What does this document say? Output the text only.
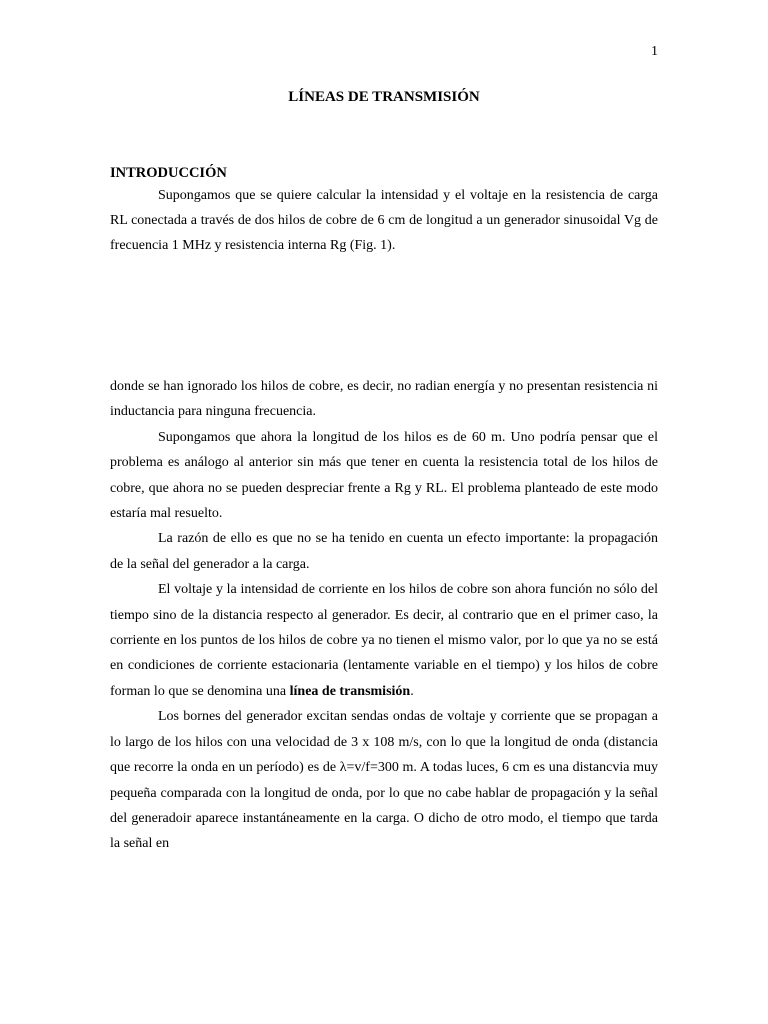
1
LÍNEAS DE TRANSMISIÓN
INTRODUCCIÓN

Supongamos que se quiere calcular la intensidad y el voltaje en la resistencia de carga RL conectada a través de dos hilos de cobre de 6 cm de longitud a un generador sinusoidal Vg de frecuencia 1 MHz y resistencia interna Rg (Fig. 1).

donde se han ignorado los hilos de cobre, es decir, no radian energía y no presentan resistencia ni inductancia para ninguna frecuencia.

Supongamos que ahora la longitud de los hilos es de 60 m. Uno podría pensar que el problema es análogo al anterior sin más que tener en cuenta la resistencia total de los hilos de cobre, que ahora no se pueden despreciar frente a Rg y RL. El problema planteado de este modo estaría mal resuelto.

La razón de ello es que no se ha tenido en cuenta un efecto importante: la propagación de la señal del generador a la carga.

El voltaje y la intensidad de corriente en los hilos de cobre son ahora función no sólo del tiempo sino de la distancia respecto al generador. Es decir, al contrario que en el primer caso, la corriente en los puntos de los hilos de cobre ya no tienen el mismo valor, por lo que ya no se está en condiciones de corriente estacionaria (lentamente variable en el tiempo) y los hilos de cobre forman lo que se denomina una línea de transmisión.

Los bornes del generador excitan sendas ondas de voltaje y corriente que se propagan a lo largo de los hilos con una velocidad de 3 x 108 m/s, con lo que la longitud de onda (distancia que recorre la onda en un período) es de λ=v/f=300 m. A todas luces, 6 cm es una distancvia muy pequeña comparada con la longitud de onda, por lo que no cabe hablar de propagación y la señal del generadoir aparece instantáneamente en la carga. O dicho de otro modo, el tiempo que tarda la señal en
